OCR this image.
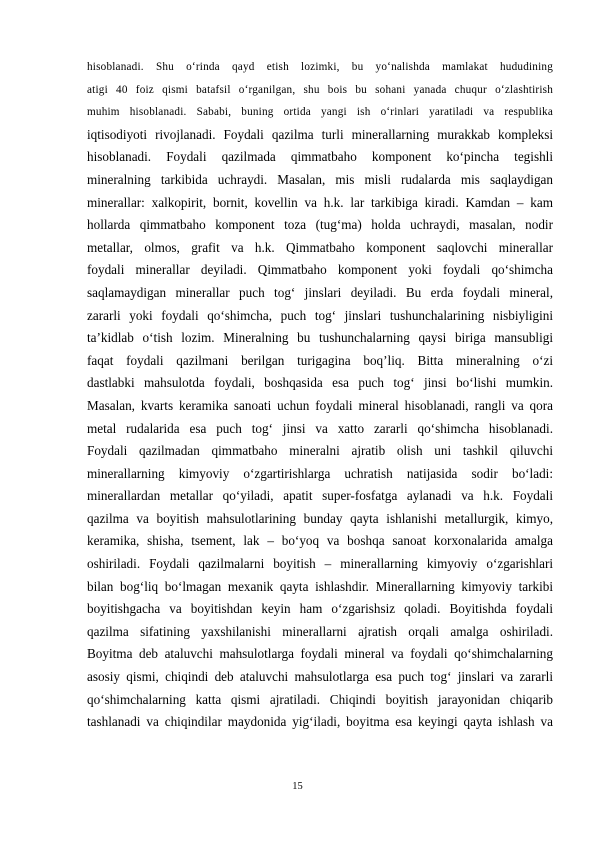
hisoblanadi. Shu o‘rinda qayd etish lozimki, bu yo‘nalishda mamlakat hududining
atigi 40 foiz qismi batafsil o‘rganilgan, shu bois bu sohani yanada chuqur o‘zlashtirish
muhim hisoblanadi. Sababi, buning ortida yangi ish o‘rinlari yaratiladi va respublika
iqtisodiyoti rivojlanadi. Foydali qazilma turli minerallarning murakkab kompleksi
hisoblanadi. Foydali qazilmada qimmatbaho komponent ko‘pincha tegishli
mineralning tarkibida uchraydi. Masalan, mis misli rudalarda mis saqlaydigan
minerallar: xalkopirit, bornit, kovellin va h.k. lar tarkibiga kiradi. Kamdan – kam
hollarda qimmatbaho komponent toza (tug‘ma) holda uchraydi, masalan, nodir
metallar, olmos, grafit va h.k. Qimmatbaho komponent saqlovchi minerallar
foydali minerallar deyiladi. Qimmatbaho komponent yoki foydali qo‘shimcha
saqlamaydigan minerallar puch tog‘ jinslari deyiladi. Bu erda foydali mineral,
zararli yoki foydali qo‘shimcha, puch tog‘ jinslari tushunchalarining nisbiyligini
ta’kidlab o‘tish lozim. Mineralning bu tushunchalarning qaysi biriga mansubligi
faqat foydali qazilmani berilgan turigagina boq’liq. Bitta mineralning o‘zi
dastlabki mahsulotda foydali, boshqasida esa puch tog‘ jinsi bo‘lishi mumkin.
Masalan, kvarts keramika sanoati uchun foydali mineral hisoblanadi, rangli va qora
metal rudalarida esa puch tog‘ jinsi va xatto zararli qo‘shimcha hisoblanadi.
Foydali qazilmadan qimmatbaho mineralni ajratib olish uni tashkil qiluvchi
minerallarning kimyoviy o‘zgartirishlarga uchratish natijasida sodir bo‘ladi:
minerallardan metallar qo‘yiladi, apatit super-fosfatga aylanadi va h.k. Foydali
qazilma va boyitish mahsulotlarining bunday qayta ishlanishi metallurgik, kimyo,
keramika, shisha, tsement, lak – bo‘yoq va boshqa sanoat korxonalarida amalga
oshiriladi. Foydali qazilmalarni boyitish – minerallarning kimyoviy o‘zgarishlari
bilan bog‘liq bo‘lmagan mexanik qayta ishlashdir. Minerallarning kimyoviy tarkibi
boyitishgacha va boyitishdan keyin ham o‘zgarishsiz qoladi. Boyitishda foydali
qazilma sifatining yaxshilanishi minerallarni ajratish orqali amalga oshiriladi.
Boyitma deb ataluvchi mahsulotlarga foydali mineral va foydali qo‘shimchalarning
asosiy qismi, chiqindi deb ataluvchi mahsulotlarga esa puch tog‘ jinslari va zararli
qo‘shimchalarning katta qismi ajratiladi. Chiqindi boyitish jarayonidan chiqarib
tashlanadi va chiqindilar maydonida yig‘iladi, boyitma esa keyingi qayta ishlash va
15
